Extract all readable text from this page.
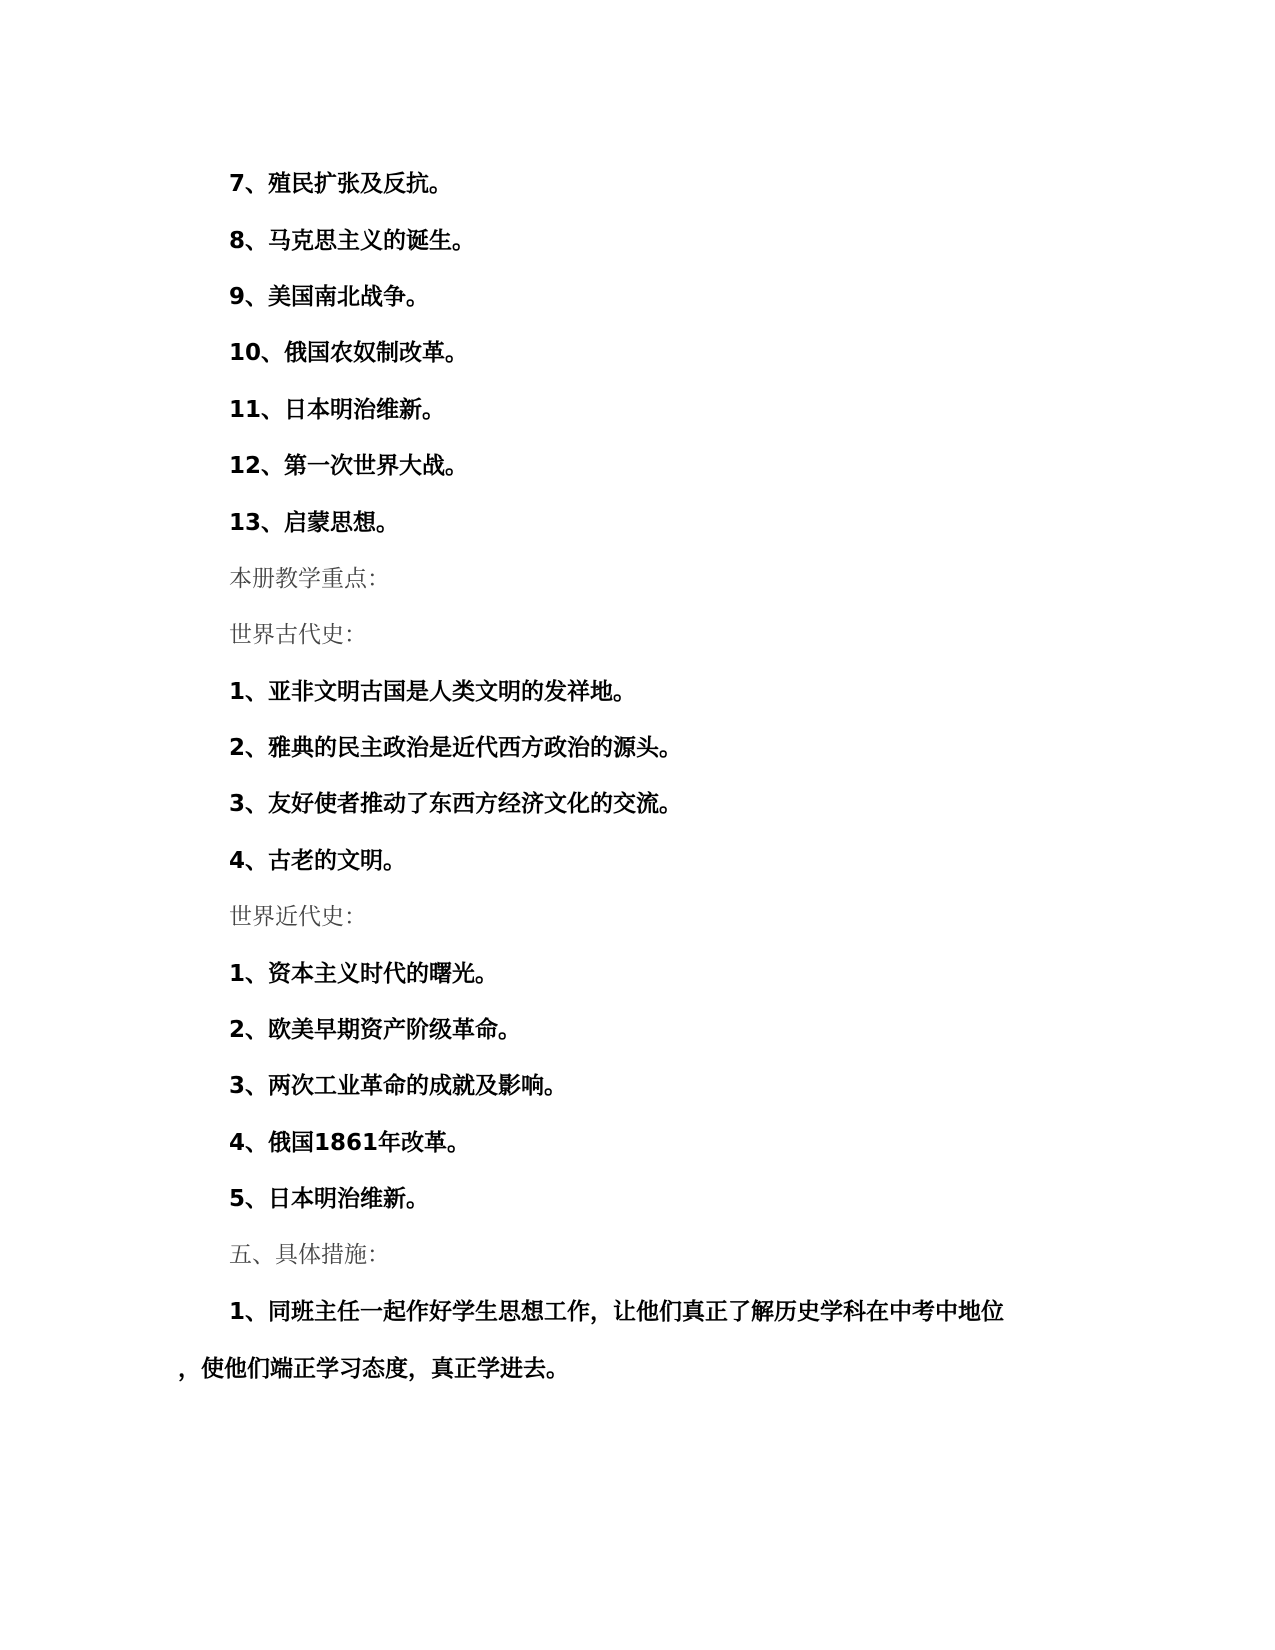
7、殖民扩张及反抗。
8、马克思主义的诞生。
9、美国南北战争。
10、俄国农奴制改革。
11、日本明治维新。
12、第一次世界大战。
13、启蒙思想。
本册教学重点：
世界古代史：
1、亚非文明古国是人类文明的发祥地。
2、雅典的民主政治是近代西方政治的源头。
3、友好使者推动了东西方经济文化的交流。
4、古老的文明。
世界近代史：
1、资本主义时代的曙光。
2、欧美早期资产阶级革命。
3、两次工业革命的成就及影响。
4、俄国1861年改革。
5、日本明治维新。
五、具体措施：
1、同班主任一起作好学生思想工作，让他们真正了解历史学科在中考中地位
，使他们端正学习态度，真正学进去。
